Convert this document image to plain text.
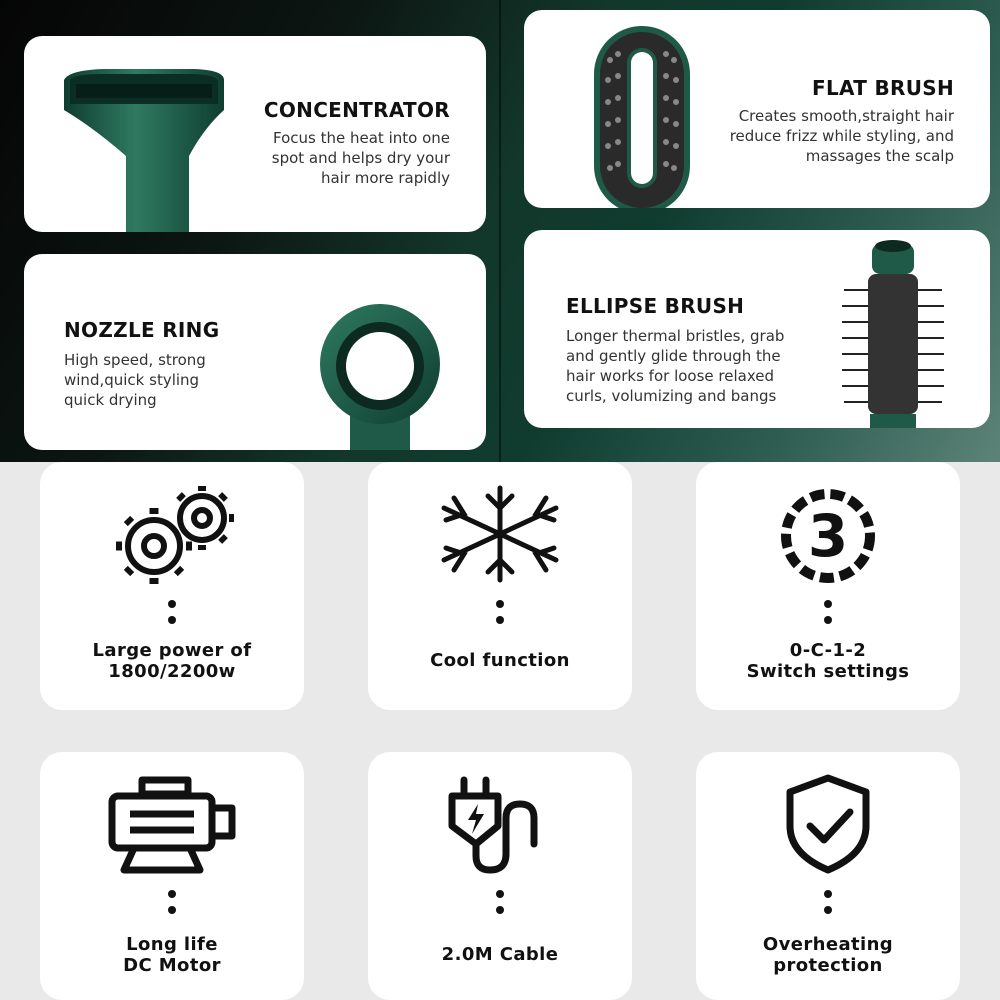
CONCENTRATOR
Focus the heat into one
spot and helps dry your
hair more rapidly
FLAT BRUSH
Creates smooth,straight hair
reduce frizz while styling, and
massages the scalp
NOZZLE RING
High speed, strong
wind,quick styling
quick drying
ELLIPSE BRUSH
Longer thermal bristles, grab
and gently glide through the
hair works for loose relaxed
curls, volumizing and bangs
Large power of
1800/2200w
Cool function
3
0-C-1-2
Switch settings
Long life
DC Motor
2.0M Cable	Overheating
protection
